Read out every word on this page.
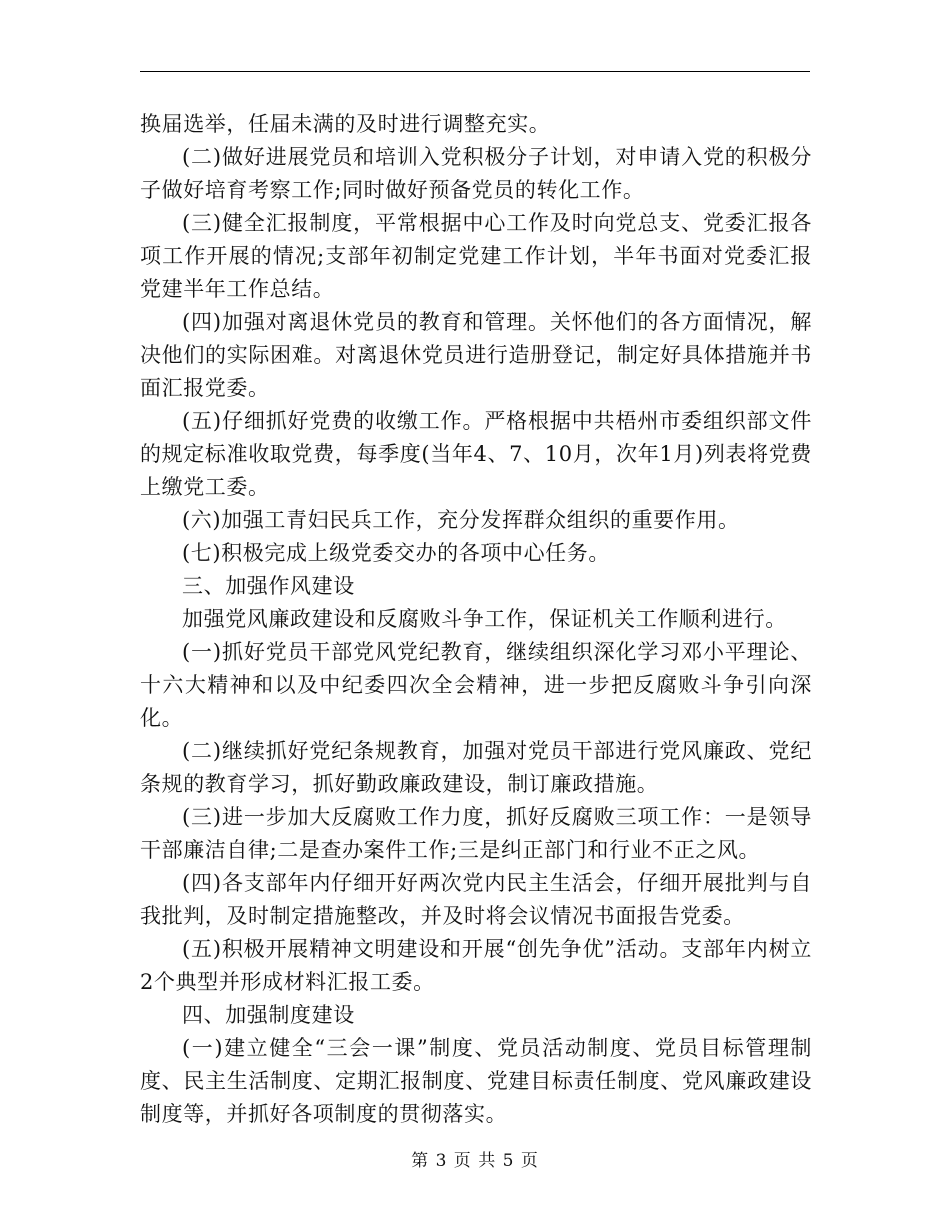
换届选举，任届未满的及时进行调整充实。

(二)做好进展党员和培训入党积极分子计划，对申请入党的积极分子做好培育考察工作;同时做好预备党员的转化工作。

(三)健全汇报制度，平常根据中心工作及时向党总支、党委汇报各项工作开展的情况;支部年初制定党建工作计划，半年书面对党委汇报党建半年工作总结。

(四)加强对离退休党员的教育和管理。关怀他们的各方面情况，解决他们的实际困难。对离退休党员进行造册登记，制定好具体措施并书面汇报党委。

(五)仔细抓好党费的收缴工作。严格根据中共梧州市委组织部文件的规定标准收取党费，每季度(当年4、7、10月，次年1月)列表将党费上缴党工委。

(六)加强工青妇民兵工作，充分发挥群众组织的重要作用。

(七)积极完成上级党委交办的各项中心任务。

三、加强作风建设

加强党风廉政建设和反腐败斗争工作，保证机关工作顺利进行。

(一)抓好党员干部党风党纪教育，继续组织深化学习邓小平理论、十六大精神和以及中纪委四次全会精神，进一步把反腐败斗争引向深化。

(二)继续抓好党纪条规教育，加强对党员干部进行党风廉政、党纪条规的教育学习，抓好勤政廉政建设，制订廉政措施。

(三)进一步加大反腐败工作力度，抓好反腐败三项工作：一是领导干部廉洁自律;二是查办案件工作;三是纠正部门和行业不正之风。

(四)各支部年内仔细开好两次党内民主生活会，仔细开展批判与自我批判，及时制定措施整改，并及时将会议情况书面报告党委。

(五)积极开展精神文明建设和开展“创先争优”活动。支部年内树立2个典型并形成材料汇报工委。

四、加强制度建设

(一)建立健全“三会一课”制度、党员活动制度、党员目标管理制度、民主生活制度、定期汇报制度、党建目标责任制度、党风廉政建设制度等，并抓好各项制度的贯彻落实。

第 3 页 共 5 页
